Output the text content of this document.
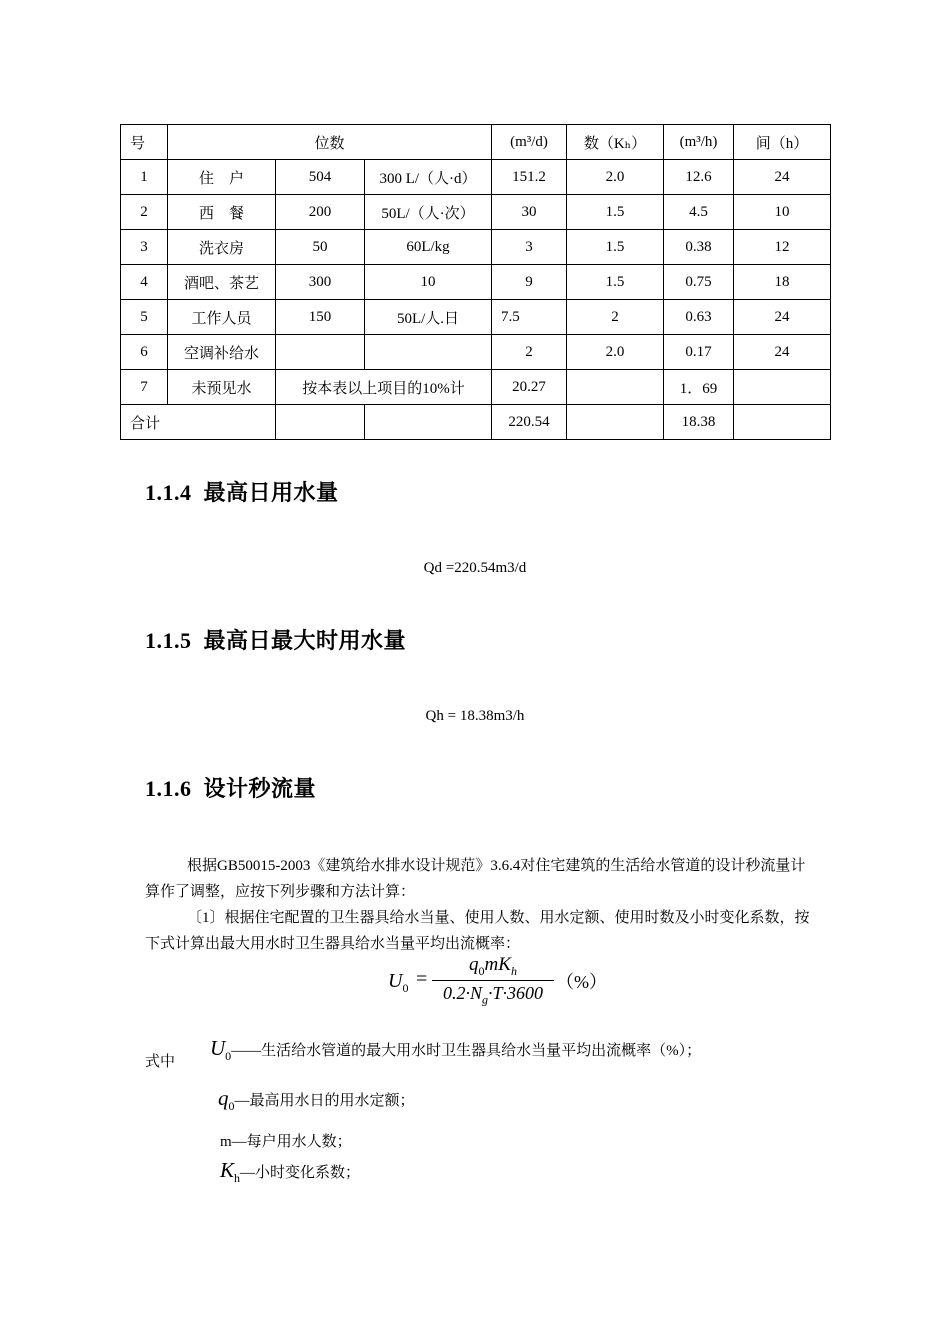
号	位数			(m³/d)	数（Kₕ）	(m³/h)	间（h）
1	住　户	504	300 L/（人·d）	151.2	2.0	12.6	24
2	西　餐	200	50L/（人·次）	30	1.5	4.5	10
3	洗衣房	50	60L/kg	3	1.5	0.38	12
4	酒吧、茶艺	300	10	9	1.5	0.75	18
5	工作人员	150	50L/人.日	7.5	2	0.63	24
6	空调补给水			2	2.0	0.17	24
7	未预见水	按本表以上项目的10%计		20.27		1．69	
合计				220.54		18.38	
1.1.4 最高日用水量
Qd =220.54m3/d
1.1.5 最高日最大时用水量
Qh = 18.38m3/h
1.1.6 设计秒流量

根据GB50015-2003《建筑给水排水设计规范》3.6.4对住宅建筑的生活给水管道的设计秒流量计算作了调整，应按下列步骤和方法计算：

〔1〕根据住宅配置的卫生器具给水当量、使用人数、用水定额、使用时数及小时变化系数，按下式计算出最大用水时卫生器具给水当量平均出流概率：

$U_0$ =
$q_0mK_h$
$0.2\cdot N_g\cdot T\cdot 3600$
（%）
式中
$U_0——$生活给水管道的最大用水时卫生器具给水当量平均出流概率（%）；
$q_0—$最高用水日的用水定额；
m—每户用水人数；
$K_h—$小时变化系数；
